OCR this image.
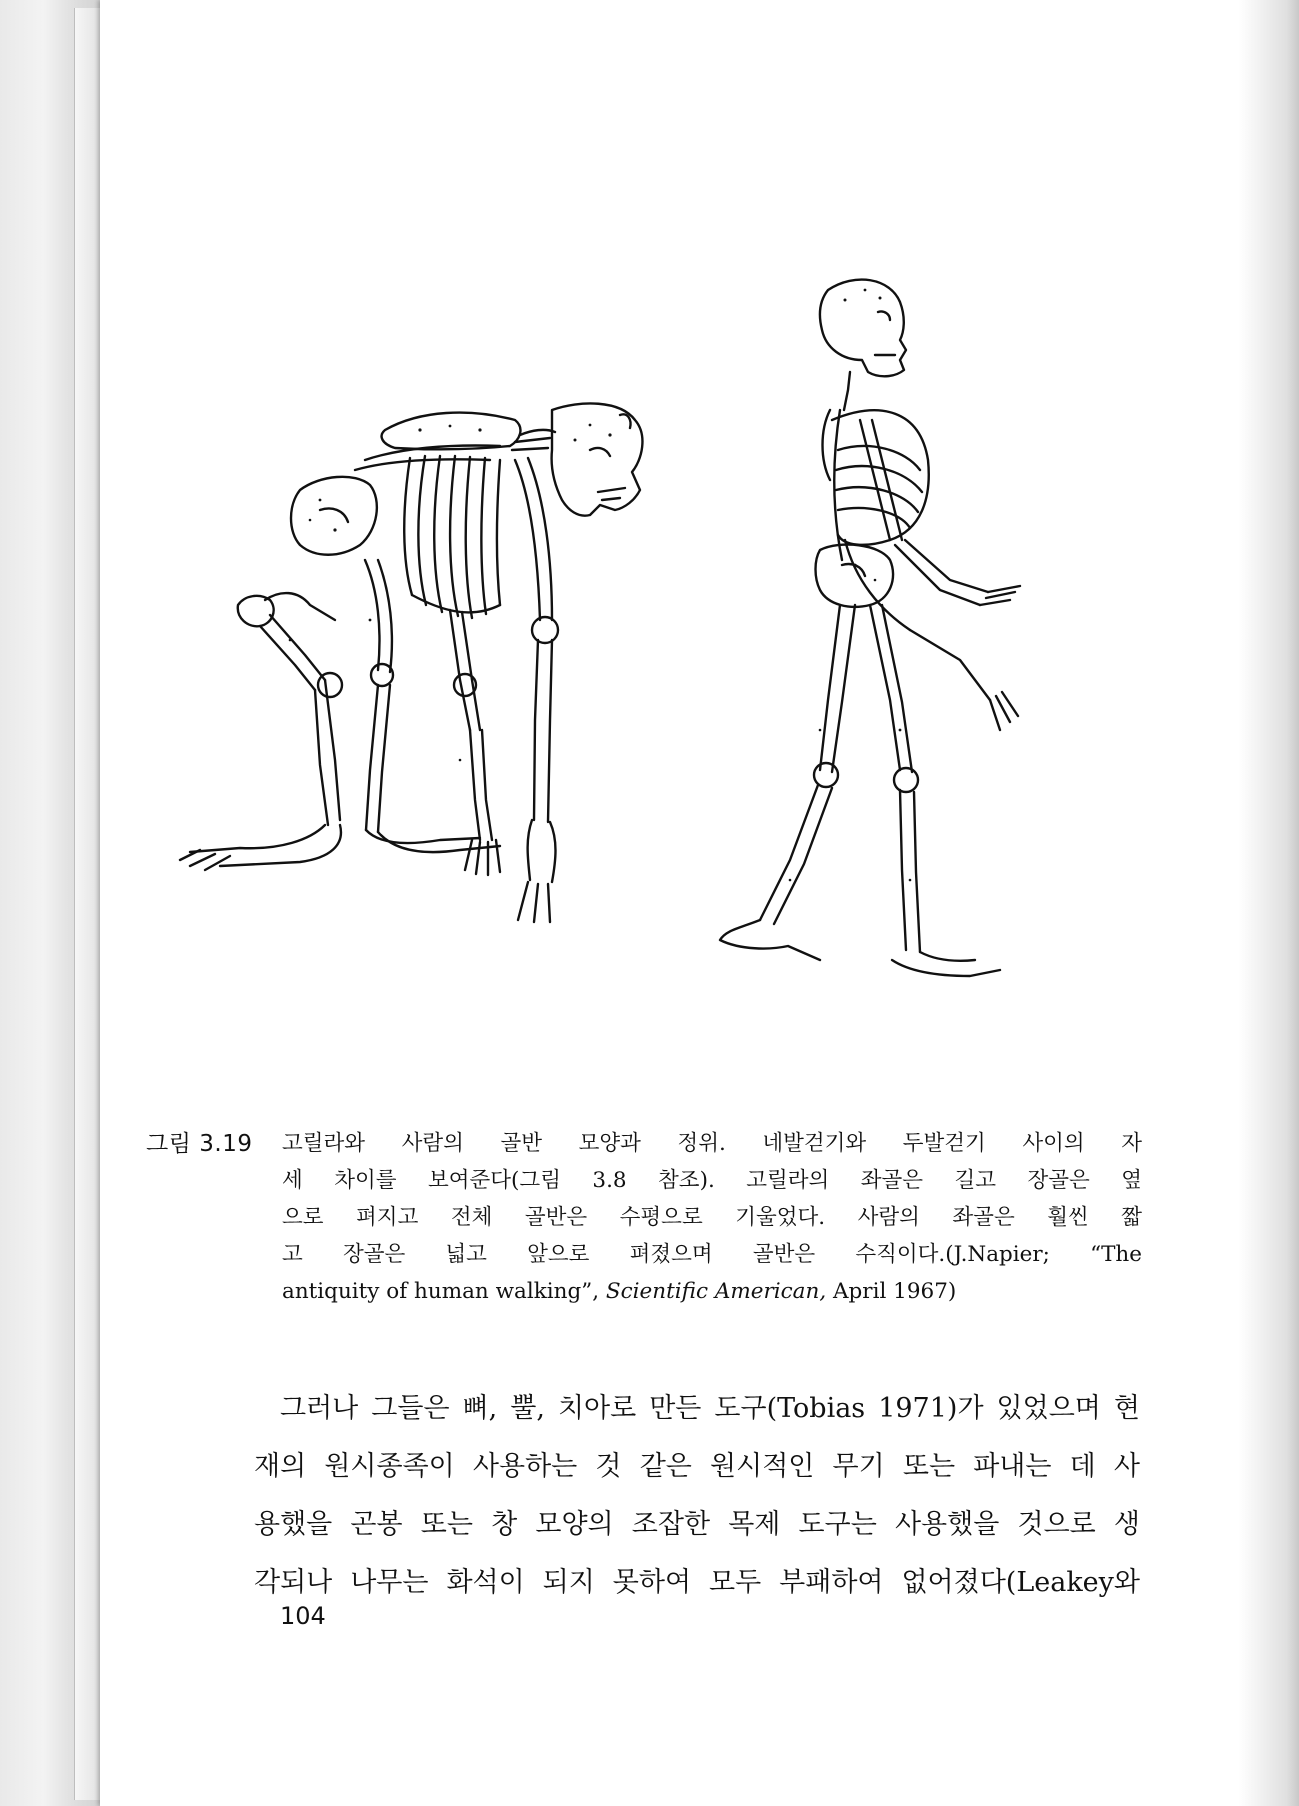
그림 3.19 고릴라와 사람의 골반 모양과 정위. 네발걷기와 두발걷기 사이의 자
세 차이를 보여준다(그림 3.8 참조). 고릴라의 좌골은 길고 장골은 옆
으로 펴지고 전체 골반은 수평으로 기울었다. 사람의 좌골은 훨씬 짧
고 장골은 넓고 앞으로 펴졌으며 골반은 수직이다.(J.Napier; “The
antiquity of human walking”, Scientific American, April 1967)
그러나 그들은 뼈, 뿔, 치아로 만든 도구(Tobias 1971)가 있었으며 현
재의 원시종족이 사용하는 것 같은 원시적인 무기 또는 파내는 데 사
용했을 곤봉 또는 창 모양의 조잡한 목제 도구는 사용했을 것으로 생
각되나 나무는 화석이 되지 못하여 모두 부패하여 없어졌다(Leakey와
104
